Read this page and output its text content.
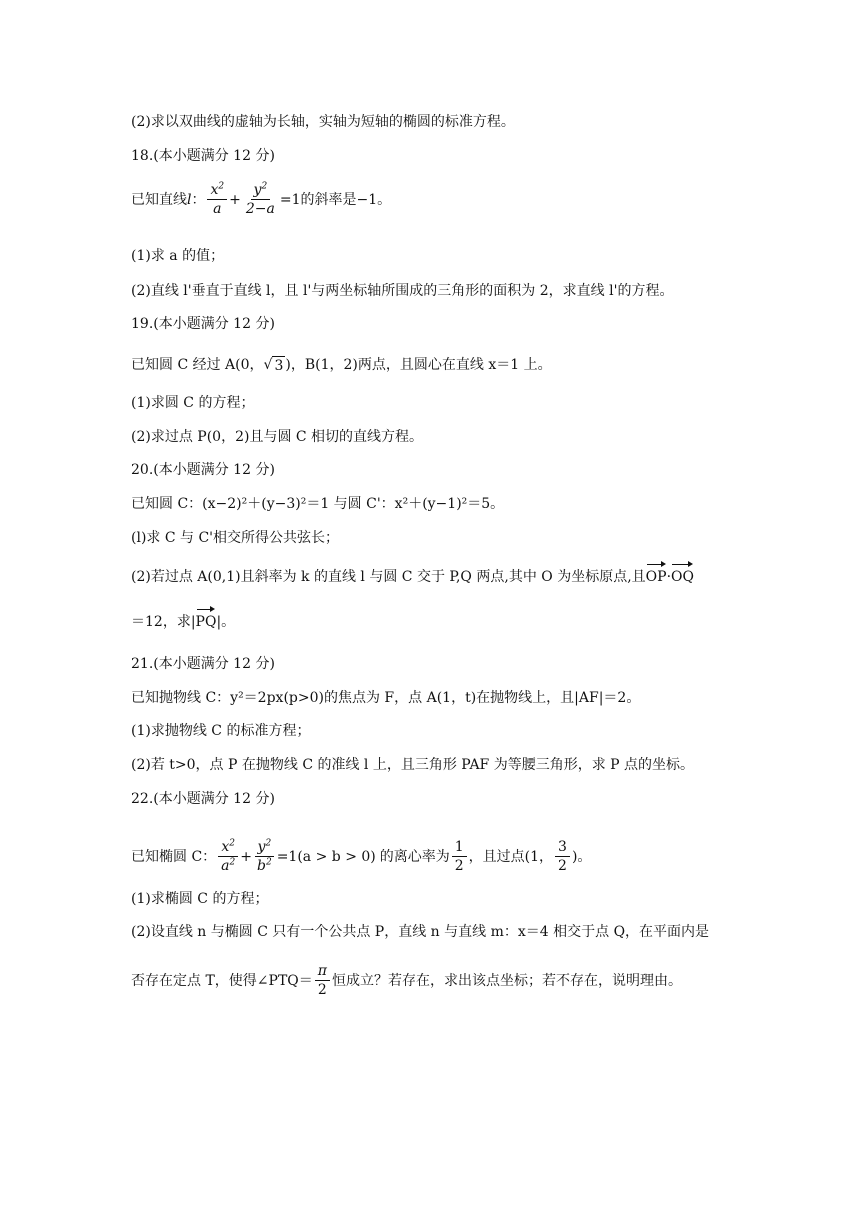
(2)求以双曲线的虚轴为长轴，实轴为短轴的椭圆的标准方程。
18.(本小题满分 12 分)
已知直线 l ： $\frac{x^2}{a} + \frac{y^2}{2-a} =1$ 的斜率是−1。
(1)求 a 的值；
(2)直线 l'垂直于直线 l，且 l'与两坐标轴所围成的三角形的面积为 2，求直线 l'的方程。
19.(本小题满分 12 分)
已知圆 C 经过 A(0， √ 3 )，B(1，2)两点，且圆心在直线 x＝1 上。
(1)求圆 C 的方程；
(2)求过点 P(0，2)且与圆 C 相切的直线方程。
20.(本小题满分 12 分)
已知圆 C：(x−2)²＋(y−3)²＝1 与圆 C'：x²＋(y−1)²＝5。
(l)求 C 与 C'相交所得公共弦长；
(2)若过点 A(0,1)且斜率为 k 的直线 l 与圆 C 交于 P,Q 两点,其中 O 为坐标原点,且 OP · OQ
＝12，求| PQ |。
21.(本小题满分 12 分)
已知抛物线 C：y²＝2px(p>0)的焦点为 F，点 A(1，t)在抛物线上，且|AF|＝2。
(1)求抛物线 C 的标准方程；
(2)若 t>0，点 P 在抛物线 C 的准线 l 上，且三角形 PAF 为等腰三角形，求 P 点的坐标。
22.(本小题满分 12 分)
已知椭圆 C： $\frac{x^2}{a^2} + \frac{y^2}{b^2} =1(a > b > 0)$ 的离心率为 $\frac{1}{2}$ ，且过点(1， $\frac{3}{2}$ )。
(1)求椭圆 C 的方程；
(2)设直线 n 与椭圆 C 只有一个公共点 P，直线 n 与直线 m：x＝4 相交于点 Q，在平面内是
否存在定点 T，使得∠PTQ＝ $\frac{\pi}{2}$ 恒成立？若存在，求出该点坐标；若不存在，说明理由。
